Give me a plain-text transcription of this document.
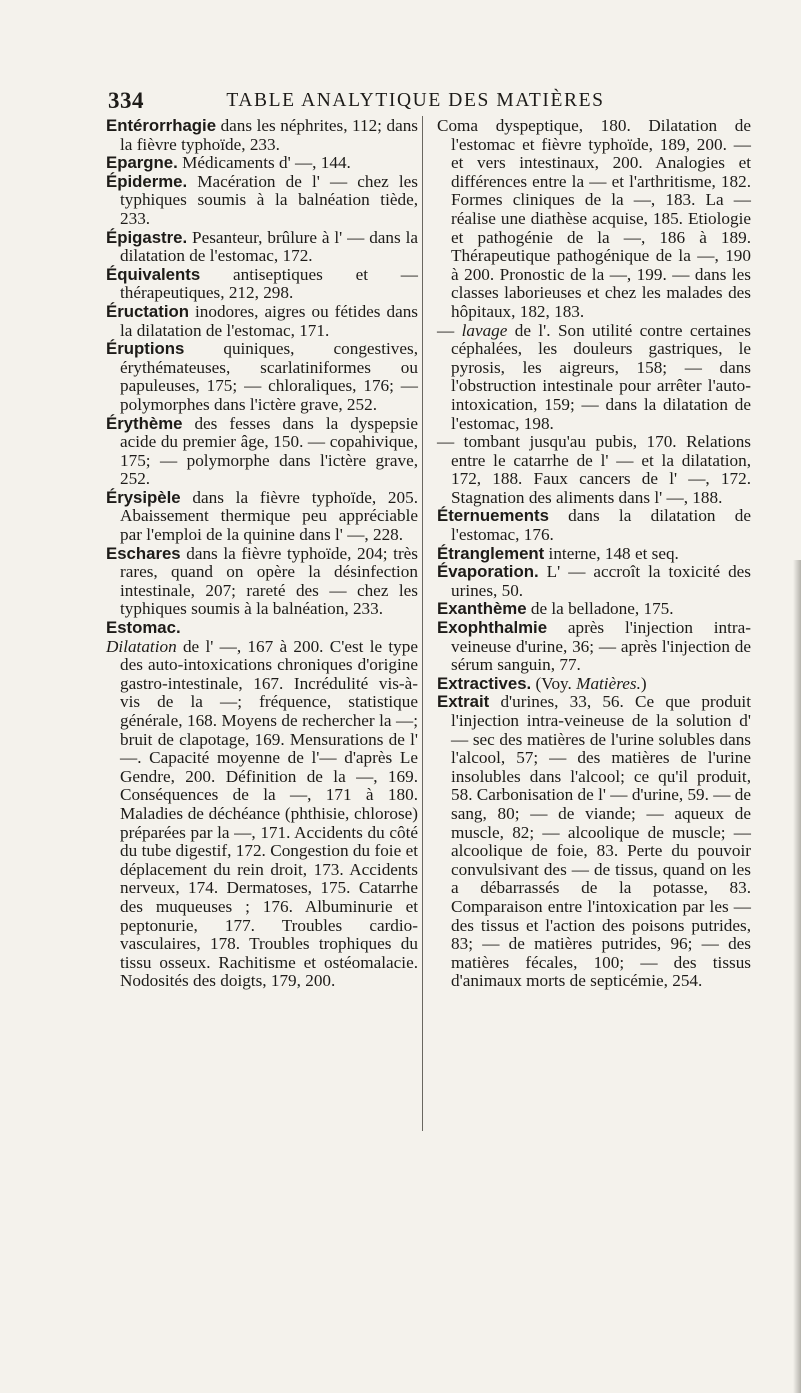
334	TABLE ANALYTIQUE DES MATIÈRES

Entérorrhagie dans les néphrites, 112; dans la fièvre typhoïde, 233.

Epargne. Médicaments d' —, 144.

Épiderme. Macération de l' — chez les typhiques soumis à la balnéation tiède, 233.

Épigastre. Pesanteur, brûlure à l' — dans la dilatation de l'estomac, 172.

Équivalents antiseptiques et — thérapeutiques, 212, 298.

Éructation inodores, aigres ou fétides dans la dilatation de l'estomac, 171.

Éruptions quiniques, congestives, érythémateuses, scarlatiniformes ou papuleuses, 175; — chloraliques, 176; — polymorphes dans l'ictère grave, 252.

Érythème des fesses dans la dyspepsie acide du premier âge, 150. — copahivique, 175; — polymorphe dans l'ictère grave, 252.

Érysipèle dans la fièvre typhoïde, 205. Abaissement thermique peu appréciable par l'emploi de la quinine dans l' —, 228.

Eschares dans la fièvre typhoïde, 204; très rares, quand on opère la désinfection intestinale, 207; rareté des — chez les typhiques soumis à la balnéation, 233.

Estomac.

Dilatation de l' —, 167 à 200. C'est le type des auto-intoxications chroniques d'origine gastro-intestinale, 167. Incrédulité vis-à-vis de la —; fréquence, statistique générale, 168. Moyens de rechercher la —; bruit de clapotage, 169. Mensurations de l' —. Capacité moyenne de l'— d'après Le Gendre, 200. Définition de la —, 169. Conséquences de la —, 171 à 180. Maladies de déchéance (phthisie, chlorose) préparées par la —, 171. Accidents du côté du tube digestif, 172. Congestion du foie et déplacement du rein droit, 173. Accidents nerveux, 174. Dermatoses, 175. Catarrhe des muqueuses ; 176. Albuminurie et peptonurie, 177. Troubles cardio-vasculaires, 178. Troubles trophiques du tissu osseux. Rachitisme et ostéomalacie. Nodosités des doigts, 179, 200.

Coma dyspeptique, 180. Dilatation de l'estomac et fièvre typhoïde, 189, 200. — et vers intestinaux, 200. Analogies et différences entre la — et l'arthritisme, 182. Formes cliniques de la —, 183. La — réalise une diathèse acquise, 185. Etiologie et pathogénie de la —, 186 à 189. Thérapeutique pathogénique de la —, 190 à 200. Pronostic de la —, 199. — dans les classes laborieuses et chez les malades des hôpitaux, 182, 183.

— lavage de l'. Son utilité contre certaines céphalées, les douleurs gastriques, le pyrosis, les aigreurs, 158; — dans l'obstruction intestinale pour arrêter l'auto-intoxication, 159; — dans la dilatation de l'estomac, 198.

— tombant jusqu'au pubis, 170. Relations entre le catarrhe de l' — et la dilatation, 172, 188. Faux cancers de l' —, 172. Stagnation des aliments dans l' —, 188.

Éternuements dans la dilatation de l'estomac, 176.

Étranglement interne, 148 et seq.

Évaporation. L' — accroît la toxicité des urines, 50.

Exanthème de la belladone, 175.

Exophthalmie après l'injection intra-veineuse d'urine, 36; — après l'injection de sérum sanguin, 77.

Extractives. (Voy. Matières.)

Extrait d'urines, 33, 56. Ce que produit l'injection intra-veineuse de la solution d' — sec des matières de l'urine solubles dans l'alcool, 57; — des matières de l'urine insolubles dans l'alcool; ce qu'il produit, 58. Carbonisation de l' — d'urine, 59. — de sang, 80; — de viande; — aqueux de muscle, 82; — alcoolique de muscle; — alcoolique de foie, 83. Perte du pouvoir convulsivant des — de tissus, quand on les a débarrassés de la potasse, 83. Comparaison entre l'intoxication par les — des tissus et l'action des poisons putrides, 83; — de matières putrides, 96; — des matières fécales, 100; — des tissus d'animaux morts de septicémie, 254.
